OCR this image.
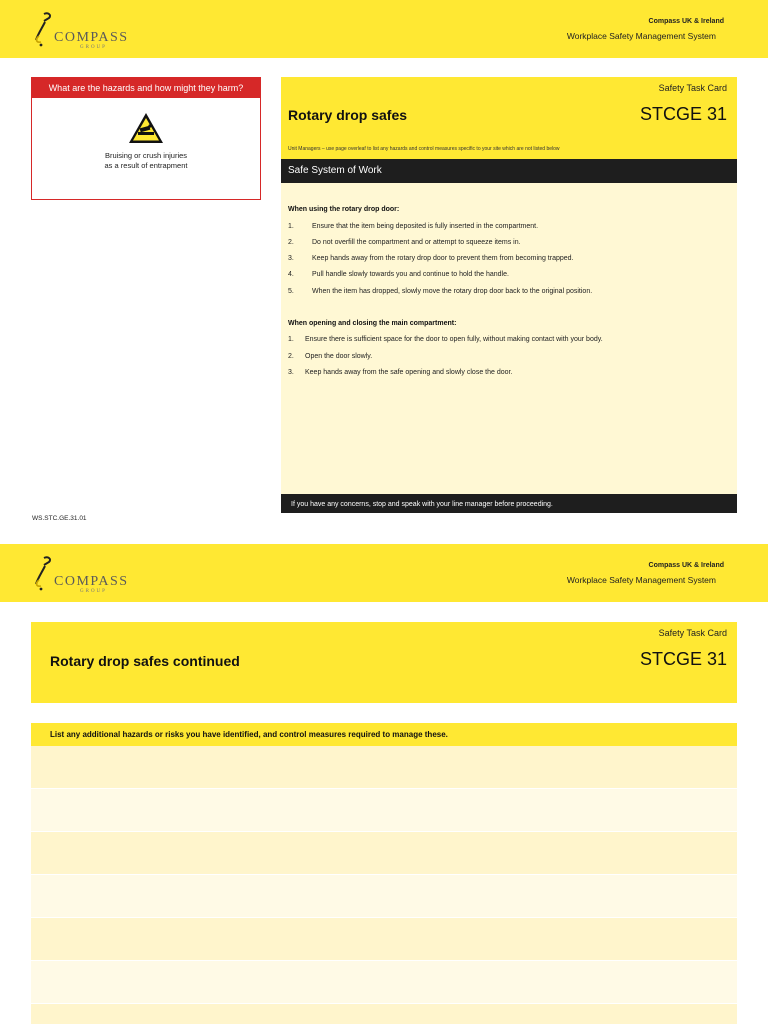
COMPASS
GROUP
Compass UK & Ireland
Workplace Safety Management System
What are the hazards and how might they harm?
Bruising or crush injuries
as a result of entrapment
Safety Task Card
Rotary drop safes	STCGE 31
Unit Managers – use page overleaf to list any hazards and control measures specific to your site which are not listed below
Safe System of Work
When using the rotary drop door:
1.	Ensure that the item being deposited is fully inserted in the compartment.
2.	Do not overfill the compartment and or attempt to squeeze items in.
3.	Keep hands away from the rotary drop door to prevent them from becoming trapped.
4.	Pull handle slowly towards you and continue to hold the handle.
5.	When the item has dropped, slowly move the rotary drop door back to the original position.
When opening and closing the main compartment:
1. Ensure there is sufficient space for the door to open fully, without making contact with your body.
2. Open the door slowly.
3. Keep hands away from the safe opening and slowly close the door.
If you have any concerns, stop and speak with your line manager before proceeding.
WS.STC.GE.31.01
COMPASS
GROUP
Compass UK & Ireland
Workplace Safety Management System
Safety Task Card
Rotary drop safes continued	STCGE 31
List any additional hazards or risks you have identified, and control measures required to manage these.
